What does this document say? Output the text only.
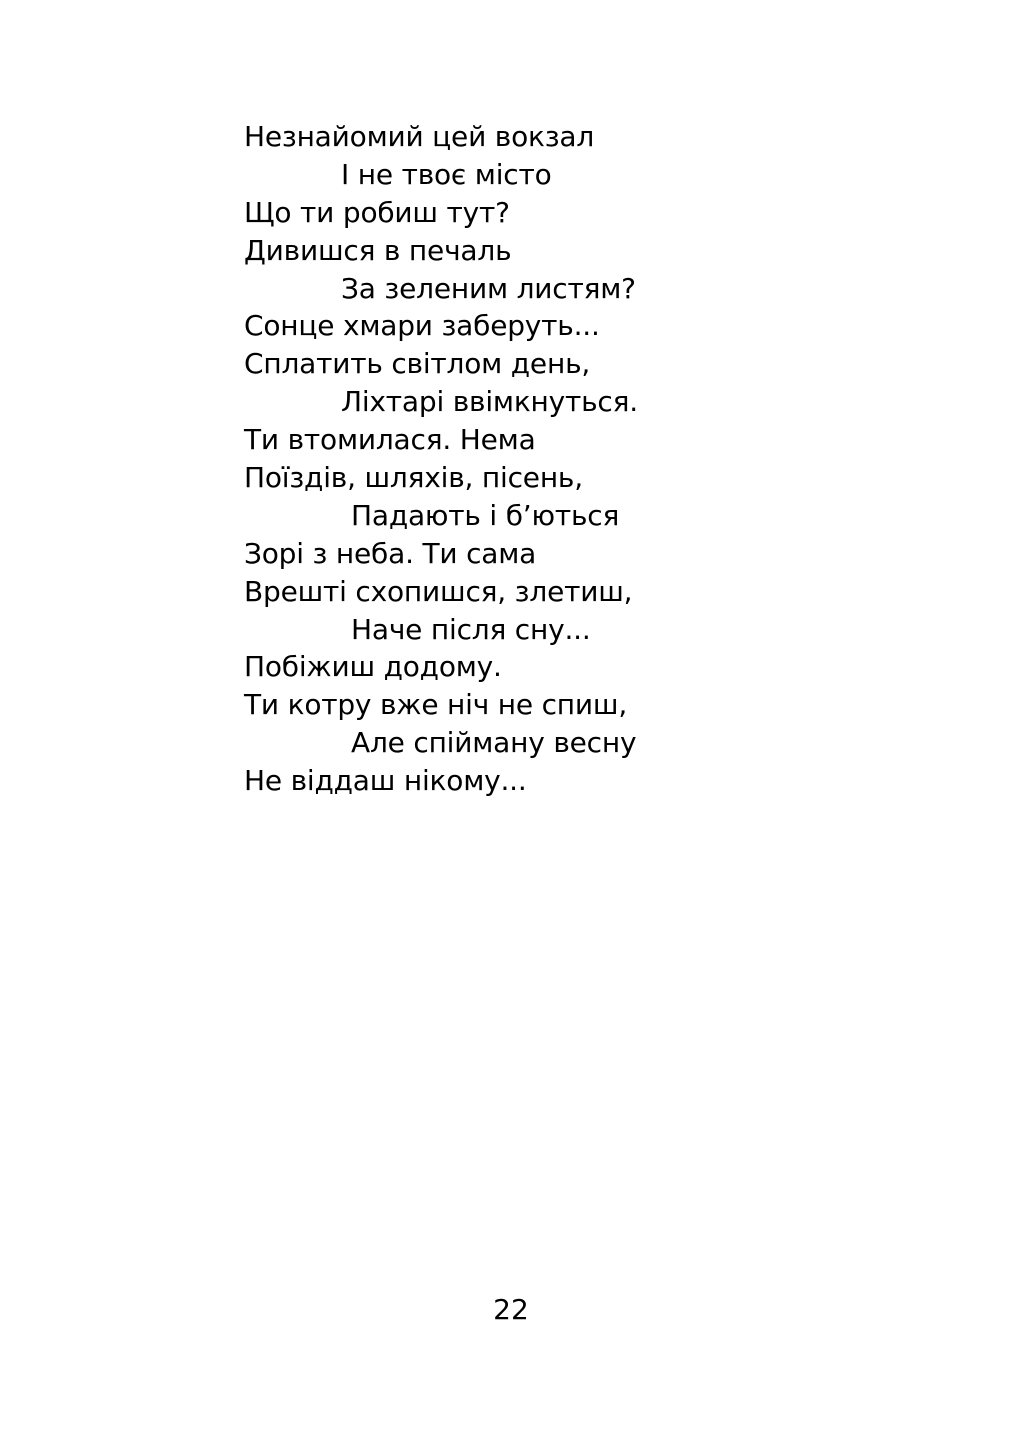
Незнайомий цей вокзал
І не твоє місто
Що ти робиш тут?
Дивишся в печаль
За зеленим листям?
Сонце хмари заберуть...
Сплатить світлом день,
Ліхтарі ввімкнуться.
Ти втомилася. Нема
Поїздів, шляхів, пісень,
Падають і б’ються
Зорі з неба. Ти сама
Врешті схопишся, злетиш,
Наче після сну...
Побіжиш додому.
Ти котру вже ніч не спиш,
Але спійману весну
Не віддаш нікому...
22
